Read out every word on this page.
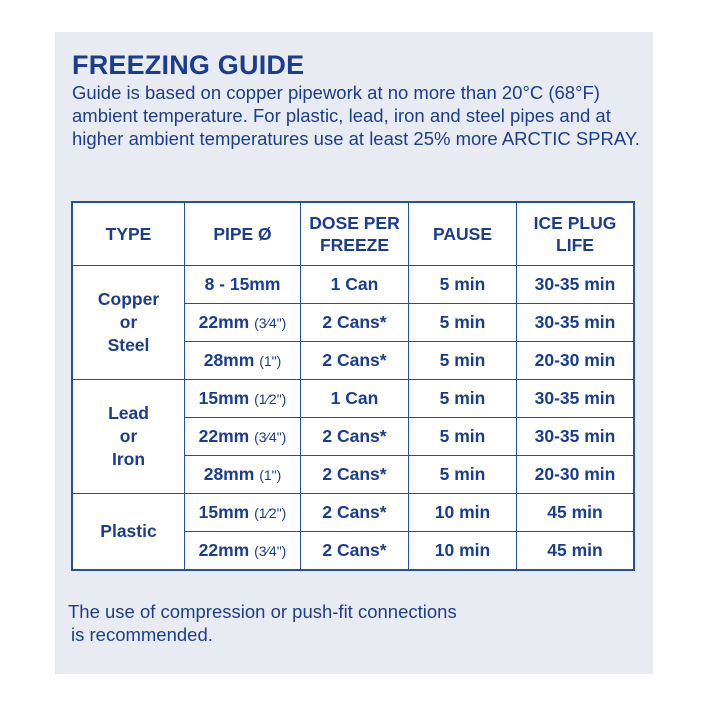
FREEZING GUIDE
Guide is based on copper pipework at no more than 20°C (68°F) ambient temperature. For plastic, lead, iron and steel pipes and at higher ambient temperatures use at least 25% more ARCTIC SPRAY.
TYPE	PIPE Ø	DOSE PER FREEZE	PAUSE	ICE PLUG LIFE

Copper
or
Steel	8 - 15mm	1 Can	5 min	30-35 min
	22mm (3⁄4")	2 Cans*	5 min	30-35 min
	28mm (1")	2 Cans*	5 min	20-30 min

Lead
or
Iron	15mm (1⁄2")	1 Can	5 min	30-35 min
	22mm (3⁄4")	2 Cans*	5 min	30-35 min
	28mm (1")	2 Cans*	5 min	20-30 min

Plastic	15mm (1⁄2")	2 Cans*	10 min	45 min
	22mm (3⁄4")	2 Cans*	10 min	45 min
The use of compression or push-fit connections
is recommended.
